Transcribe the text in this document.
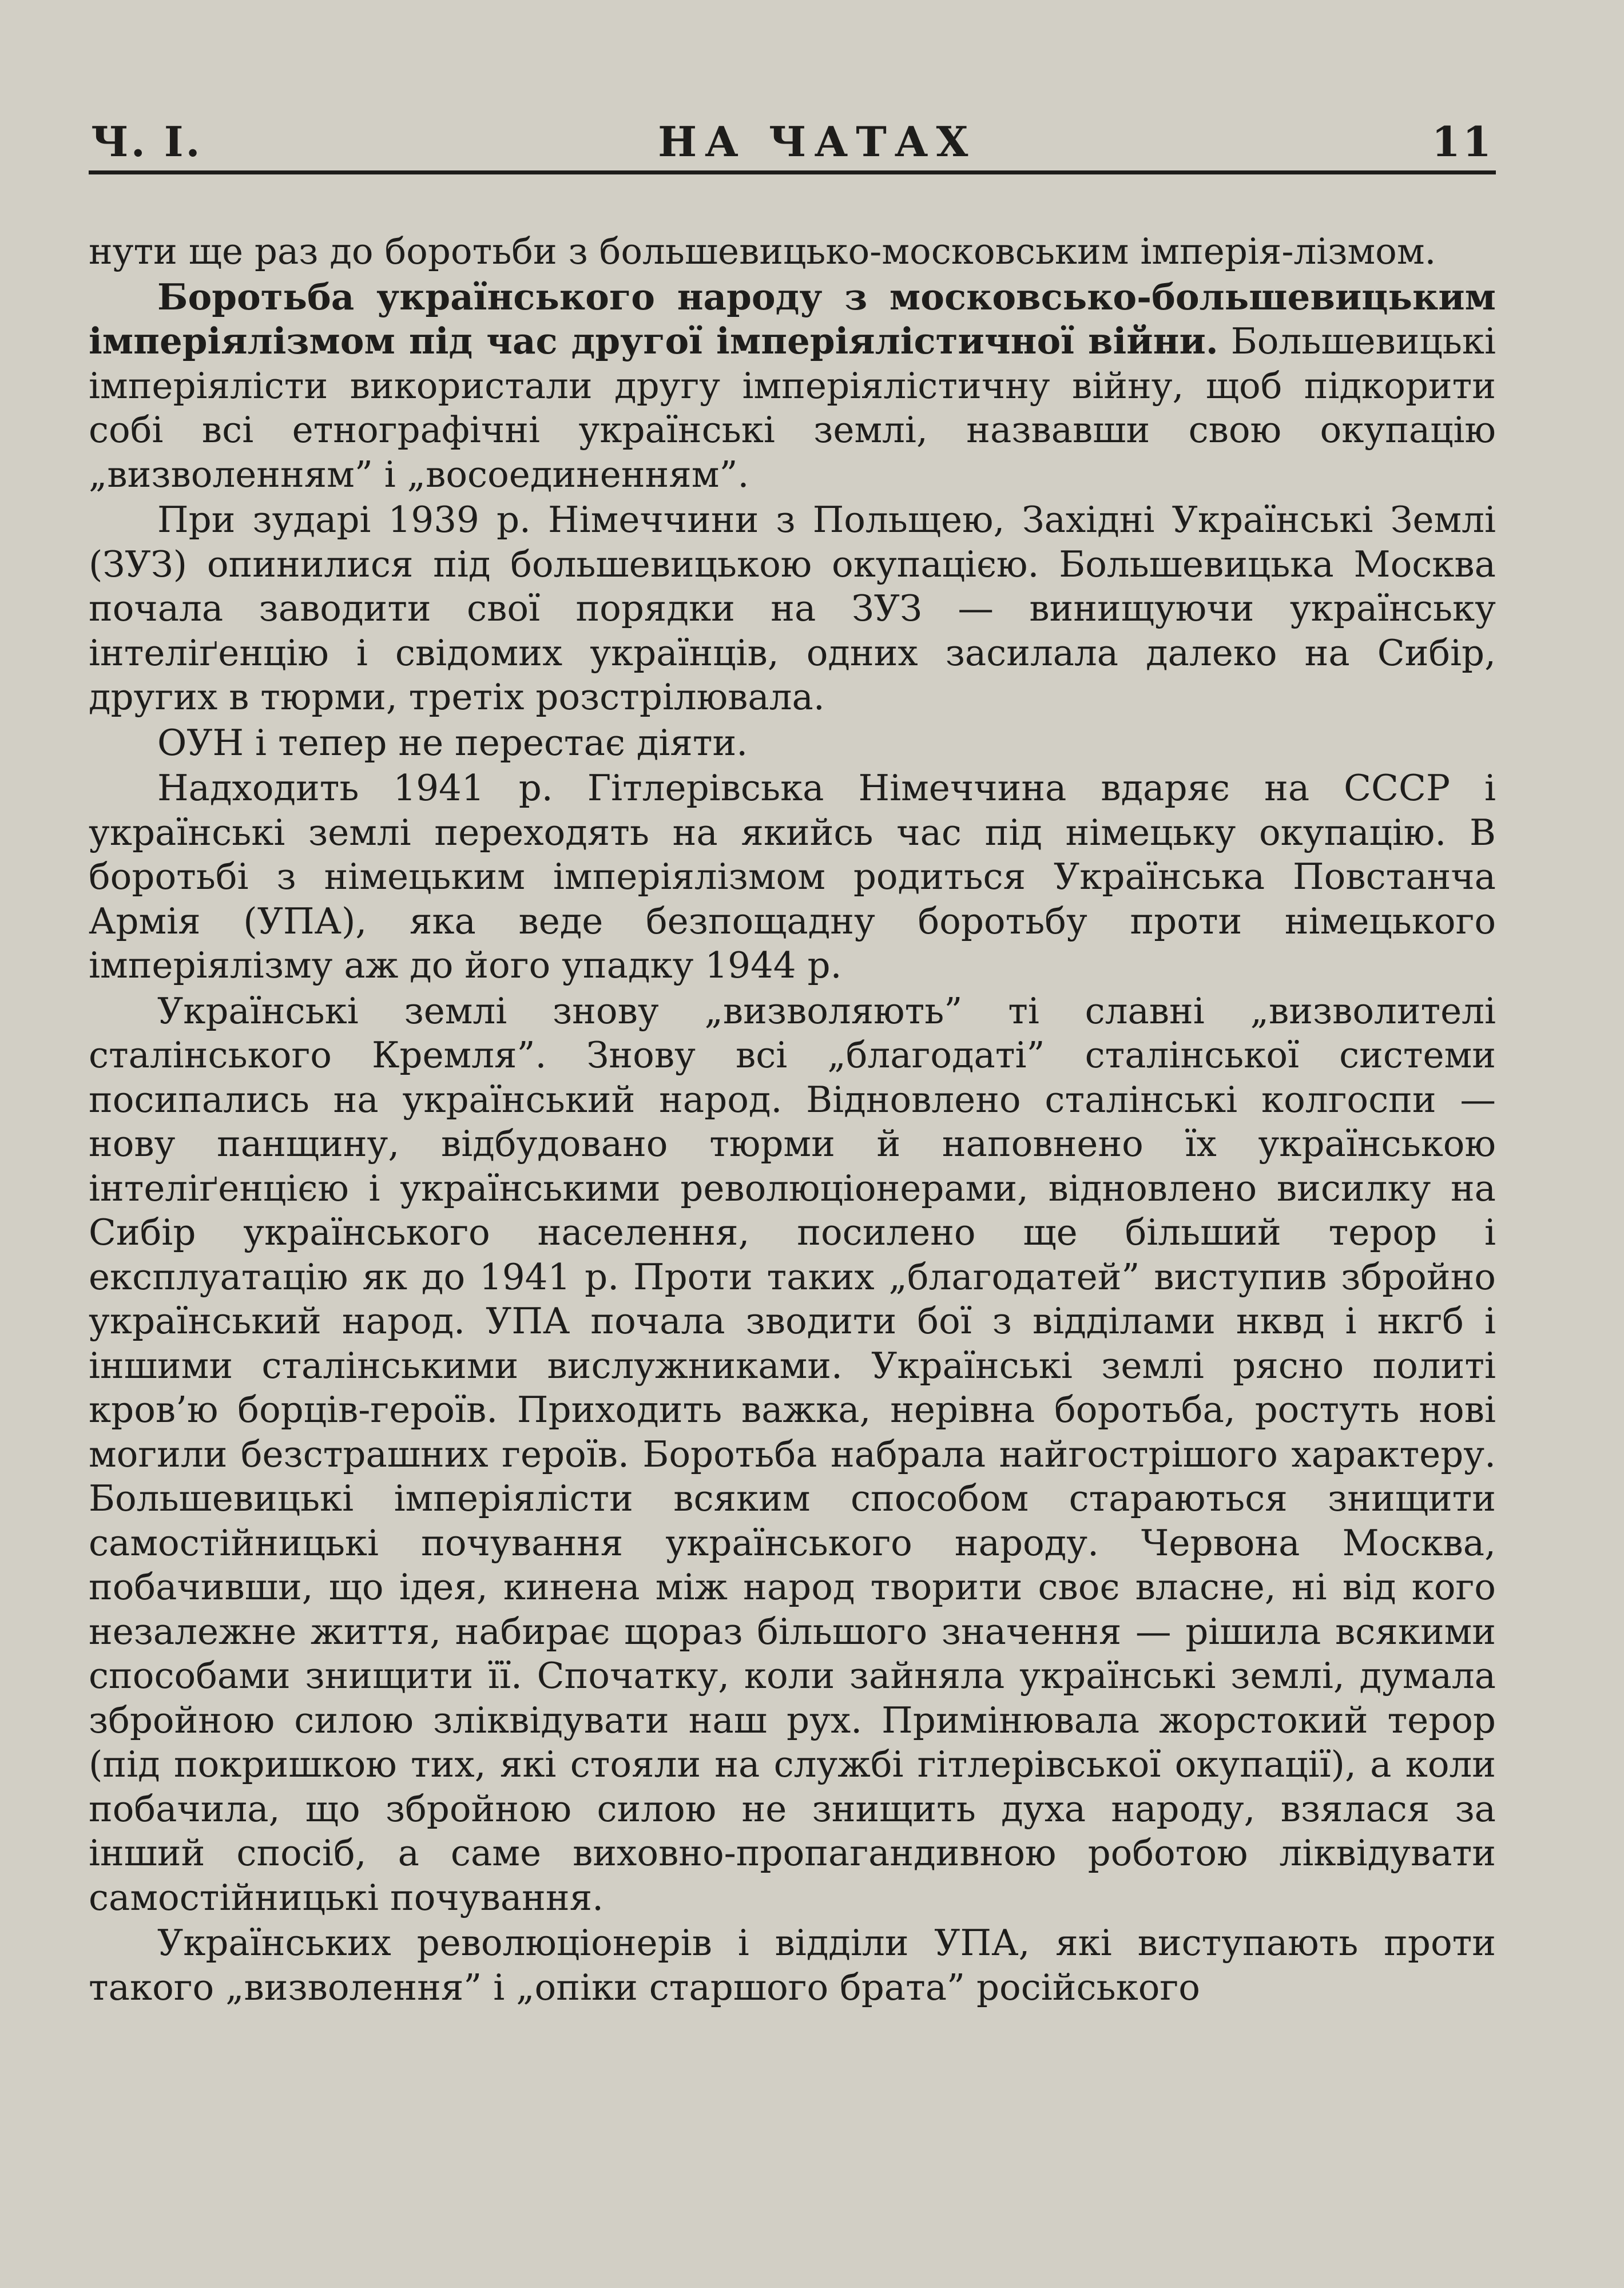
Ч. І.	НА ЧАТАХ	11

нути ще раз до боротьби з большевицько-московським імперія-лізмом.

Боротьба українського народу з московсько-большевицьким імперіялізмом під час другої імперіялістичної війни. Большевицькі імперіялісти використали другу імперіялістичну війну, щоб підкорити собі всі етнографічні українські землі, назвавши свою окупацію „визволенням” і „восоединенням”.

При зударі 1939 р. Німеччини з Польщею, Західні Українські Землі (ЗУЗ) опинилися під большевицькою окупацією. Большевицька Москва почала заводити свої порядки на ЗУЗ — винищуючи українську інтеліґенцію і свідомих українців, одних засилала далеко на Сибір, других в тюрми, третіх розстрілювала.

ОУН і тепер не перестає діяти.

Надходить 1941 р. Гітлерівська Німеччина вдаряє на СССР і українські землі переходять на якийсь час під німецьку окупацію. В боротьбі з німецьким імперіялізмом родиться Українська Повстанча Армія (УПА), яка веде безпощадну боротьбу проти німецького імперіялізму аж до його упадку 1944 р.

Українські землі знову „визволяють” ті славні „визволителі сталінського Кремля”. Знову всі „благодаті” сталінської системи посипались на український народ. Відновлено сталінські колгоспи — нову панщину, відбудовано тюрми й наповнено їх українською інтеліґенцією і українськими революціонерами, відновлено висилку на Сибір українського населення, посилено ще більший терор і експлуатацію як до 1941 р. Проти таких „благодатей” виступив збройно український народ. УПА почала зводити бої з відділами нквд і нкгб і іншими сталінськими вислужниками. Українські землі рясно политі кров’ю борців-героїв. Приходить важка, нерівна боротьба, ростуть нові могили безстрашних героїв. Боротьба набрала найгострішого характеру. Большевицькі імперіялісти всяким способом стараються знищити самостійницькі почування українського народу. Червона Москва, побачивши, що ідея, кинена між народ творити своє власне, ні від кого незалежне життя, набирає щораз більшого значення — рішила всякими способами знищити її. Спочатку, коли зайняла українські землі, думала збройною силою зліквідувати наш рух. Примінювала жорстокий терор (під покришкою тих, які стояли на службі гітлерівської окупації), а коли побачила, що збройною силою не знищить духа народу, взялася за інший спосіб, а саме виховно-пропагандивною роботою ліквідувати самостійницькі почування.

Українських революціонерів і відділи УПА, які виступають проти такого „визволення” і „опіки старшого брата” російського
